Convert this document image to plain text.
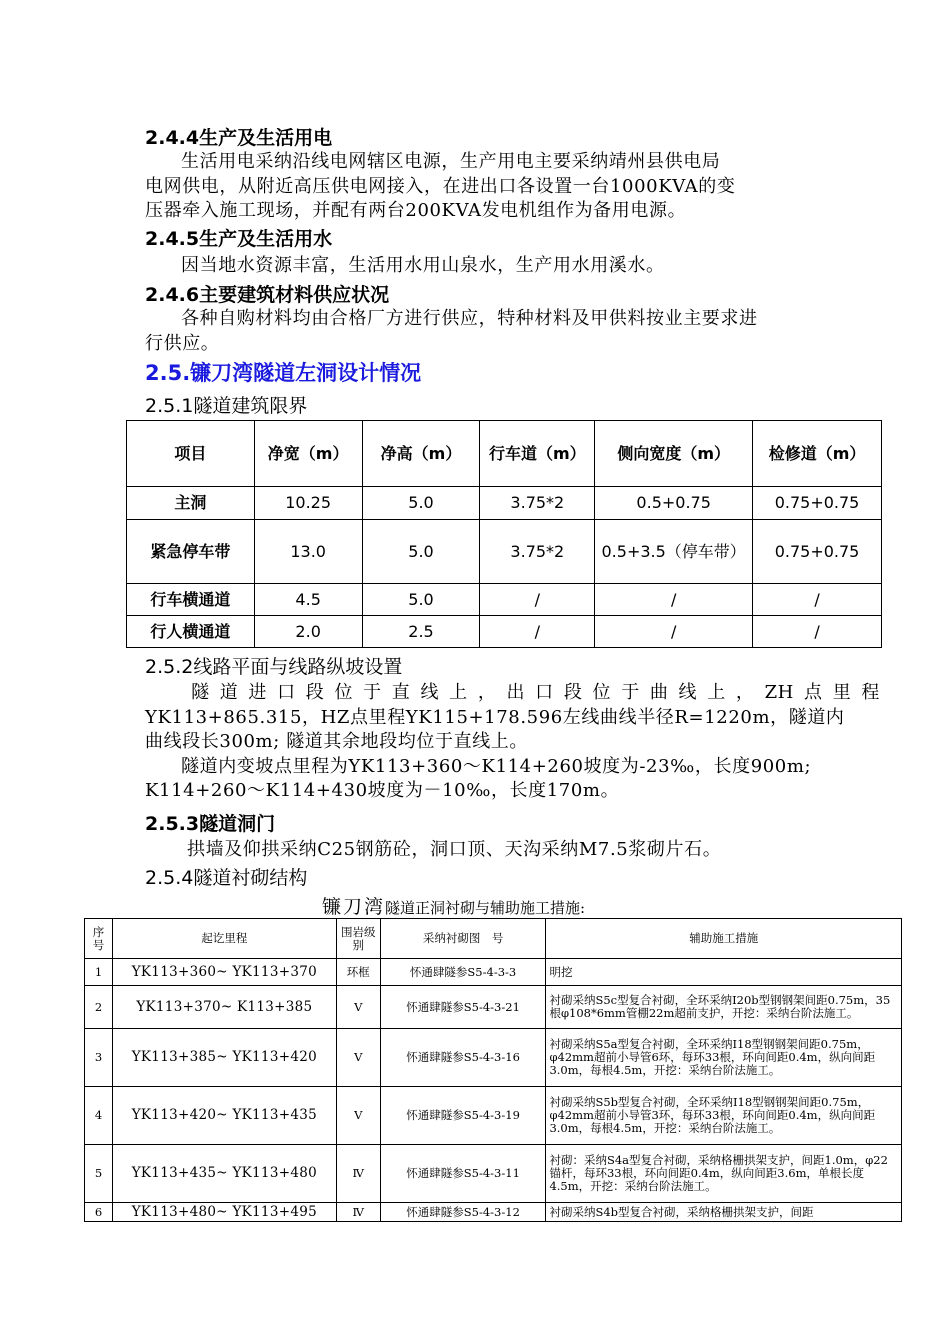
2.4.4生产及生活用电
生活用电采纳沿线电网辖区电源，生产用电主要采纳靖州县供电局
电网供电，从附近高压供电网接入，在进出口各设置一台1000KVA的变
压器牵入施工现场，并配有两台200KVA发电机组作为备用电源。
2.4.5生产及生活用水
因当地水资源丰富，生活用水用山泉水，生产用水用溪水。
2.4.6主要建筑材料供应状况
各种自购材料均由合格厂方进行供应，特种材料及甲供料按业主要求进
行供应。
2.5.镰刀湾隧道左洞设计情况
2.5.1隧道建筑限界
项目	净宽（m）	净高（m）	行车道（m）	侧向宽度（m）	检修道（m）
主洞	10.25	5.0	3.75*2	0.5+0.75	0.75+0.75
紧急停车带	13.0	5.0	3.75*2	0.5+3.5（停车带）	0.75+0.75
行车横通道	4.5	5.0	/	/	/
行人横通道	2.0	2.5	/	/	/
2.5.2线路平面与线路纵坡设置
隧道进口段位于直线上，出口段位于曲线上，ZH点里程
YK113+865.315，HZ点里程YK115+178.596左线曲线半径R=1220m，隧道内
曲线段长300m; 隧道其余地段均位于直线上。
隧道内变坡点里程为YK113+360～K114+260坡度为-23‰，长度900m;
K114+260～K114+430坡度为－10‰，长度170m。
2.5.3隧道洞门
拱墙及仰拱采纳C25钢筋砼，洞口顶、天沟采纳M7.5浆砌片石。
2.5.4隧道衬砌结构
镰刀湾隧道正洞衬砌与辅助施工措施:
序号	起讫里程	围岩级别	采纳衬砌图　号	辅助施工措施
1	YK113+360~ YK113+370	环框	怀通肆隧参S5-4-3-3	明挖
2	YK113+370~ K113+385	Ⅴ	怀通肆隧参S5-4-3-21	衬砌采纳S5c型复合衬砌，全环采纳I20b型钢钢架间距0.75m，35根φ108*6mm管棚22m超前支护，开挖：采纳台阶法施工。
3	YK113+385~ YK113+420	Ⅴ	怀通肆隧参S5-4-3-16	衬砌采纳S5a型复合衬砌，全环采纳I18型钢钢架间距0.75m，φ42mm超前小导管6环，每环33根，环向间距0.4m，纵向间距3.0m，每根4.5m，开挖：采纳台阶法施工。
4	YK113+420~ YK113+435	Ⅴ	怀通肆隧参S5-4-3-19	衬砌采纳S5b型复合衬砌，全环采纳I18型钢钢架间距0.75m，φ42mm超前小导管3环，每环33根，环向间距0.4m，纵向间距3.0m，每根4.5m，开挖：采纳台阶法施工。
5	YK113+435~ YK113+480	Ⅳ	怀通肆隧参S5-4-3-11	衬砌：采纳S4a型复合衬砌，采纳格栅拱架支护，间距1.0m，φ22锚杆，每环33根，环向间距0.4m，纵向间距3.6m，单根长度4.5m，开挖：采纳台阶法施工。
6	YK113+480~ YK113+495	Ⅳ	怀通肆隧参S5-4-3-12	衬砌采纳S4b型复合衬砌，采纳格栅拱架支护，间距
